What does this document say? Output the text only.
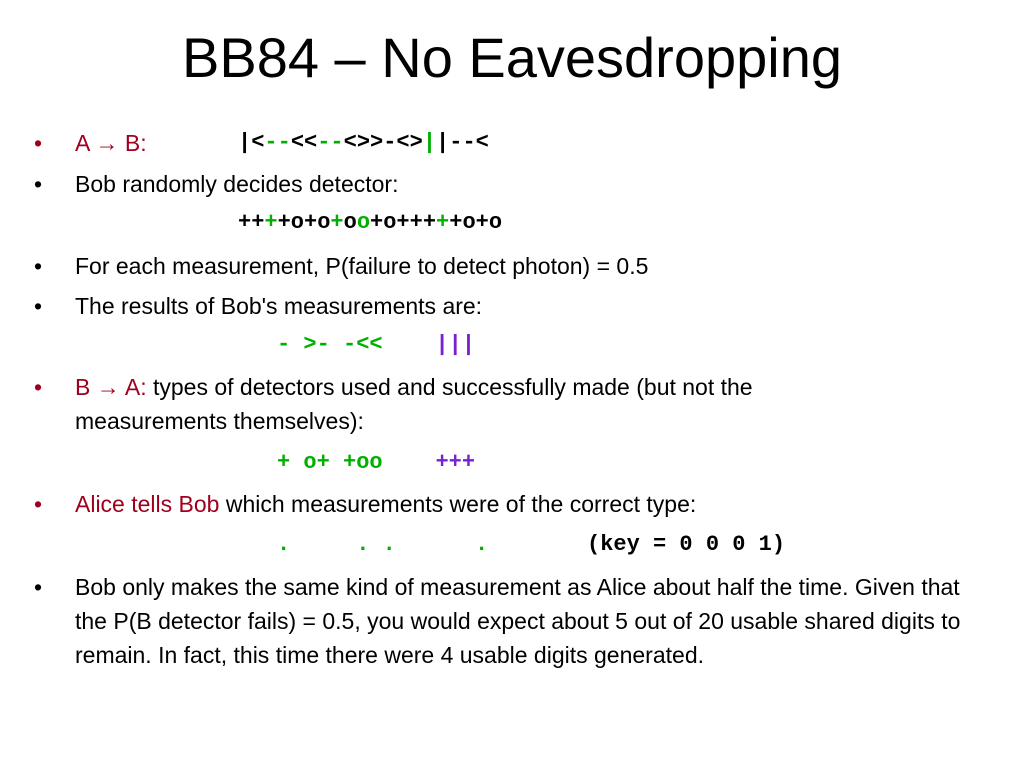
BB84 – No Eavesdropping
• A → B:	|<--<<--<>>-<>||--<
• Bob randomly decides detector:
++++o+o+oo+o+++++o+o
• For each measurement, P(failure to detect photon) = 0.5
• The results of Bob's measurements are:
- >- -<< |||
• B → A: types of detectors used and successfully made (but not the
measurements themselves):
+ o+ +oo +++
• Alice tells Bob which measurements were of the correct type:
.     . .      .	(key = 0 0 0 1)
• Bob only makes the same kind of measurement as Alice about half the time. Given that the P(B detector fails) = 0.5, you would expect about 5 out of 20 usable shared digits to remain. In fact, this time there were 4 usable digits generated.
